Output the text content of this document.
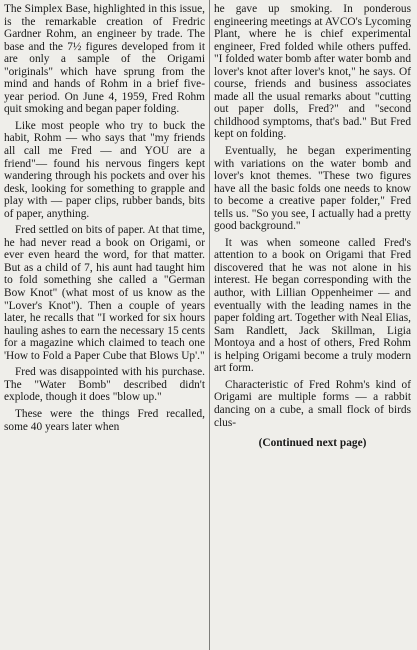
The Simplex Base, highlighted in this issue, is the remarkable creation of Fredric Gardner Rohm, an engineer by trade. The base and the 7½ figures developed from it are only a sample of the Origami "originals" which have sprung from the mind and hands of Rohm in a brief five-year period. On June 4, 1959, Fred Rohm quit smoking and began paper folding.

Like most people who try to buck the habit, Rohm — who says that "my friends all call me Fred — and YOU are a friend"— found his nervous fingers kept wandering through his pockets and over his desk, looking for something to grapple and play with — paper clips, rubber bands, bits of paper, anything.

Fred settled on bits of paper. At that time, he had never read a book on Origami, or ever even heard the word, for that matter. But as a child of 7, his aunt had taught him to fold something she called a "German Bow Knot" (what most of us know as the "Lover's Knot"). Then a couple of years later, he recalls that "I worked for six hours hauling ashes to earn the necessary 15 cents for a magazine which claimed to teach one 'How to Fold a Paper Cube that Blows Up'."

Fred was disappointed with his purchase. The "Water Bomb" described didn't explode, though it does "blow up."

These were the things Fred recalled, some 40 years later when

he gave up smoking. In ponderous engineering meetings at AVCO's Lycoming Plant, where he is chief experimental engineer, Fred folded while others puffed. "I folded water bomb after water bomb and lover's knot after lover's knot," he says. Of course, friends and business associates made all the usual remarks about "cutting out paper dolls, Fred?" and "second childhood symptoms, that's bad." But Fred kept on folding.

Eventually, he began experimenting with variations on the water bomb and lover's knot themes. "These two figures have all the basic folds one needs to know to become a creative paper folder," Fred tells us. "So you see, I actually had a pretty good background."

It was when someone called Fred's attention to a book on Origami that Fred discovered that he was not alone in his interest. He began corresponding with the author, with Lillian Oppenheimer — and eventually with the leading names in the paper folding art. Together with Neal Elias, Sam Randlett, Jack Skillman, Ligia Montoya and a host of others, Fred Rohm is helping Origami become a truly modern art form.

Characteristic of Fred Rohm's kind of Origami are multiple forms — a rabbit dancing on a cube, a small flock of birds clus-

(Continued next page)
